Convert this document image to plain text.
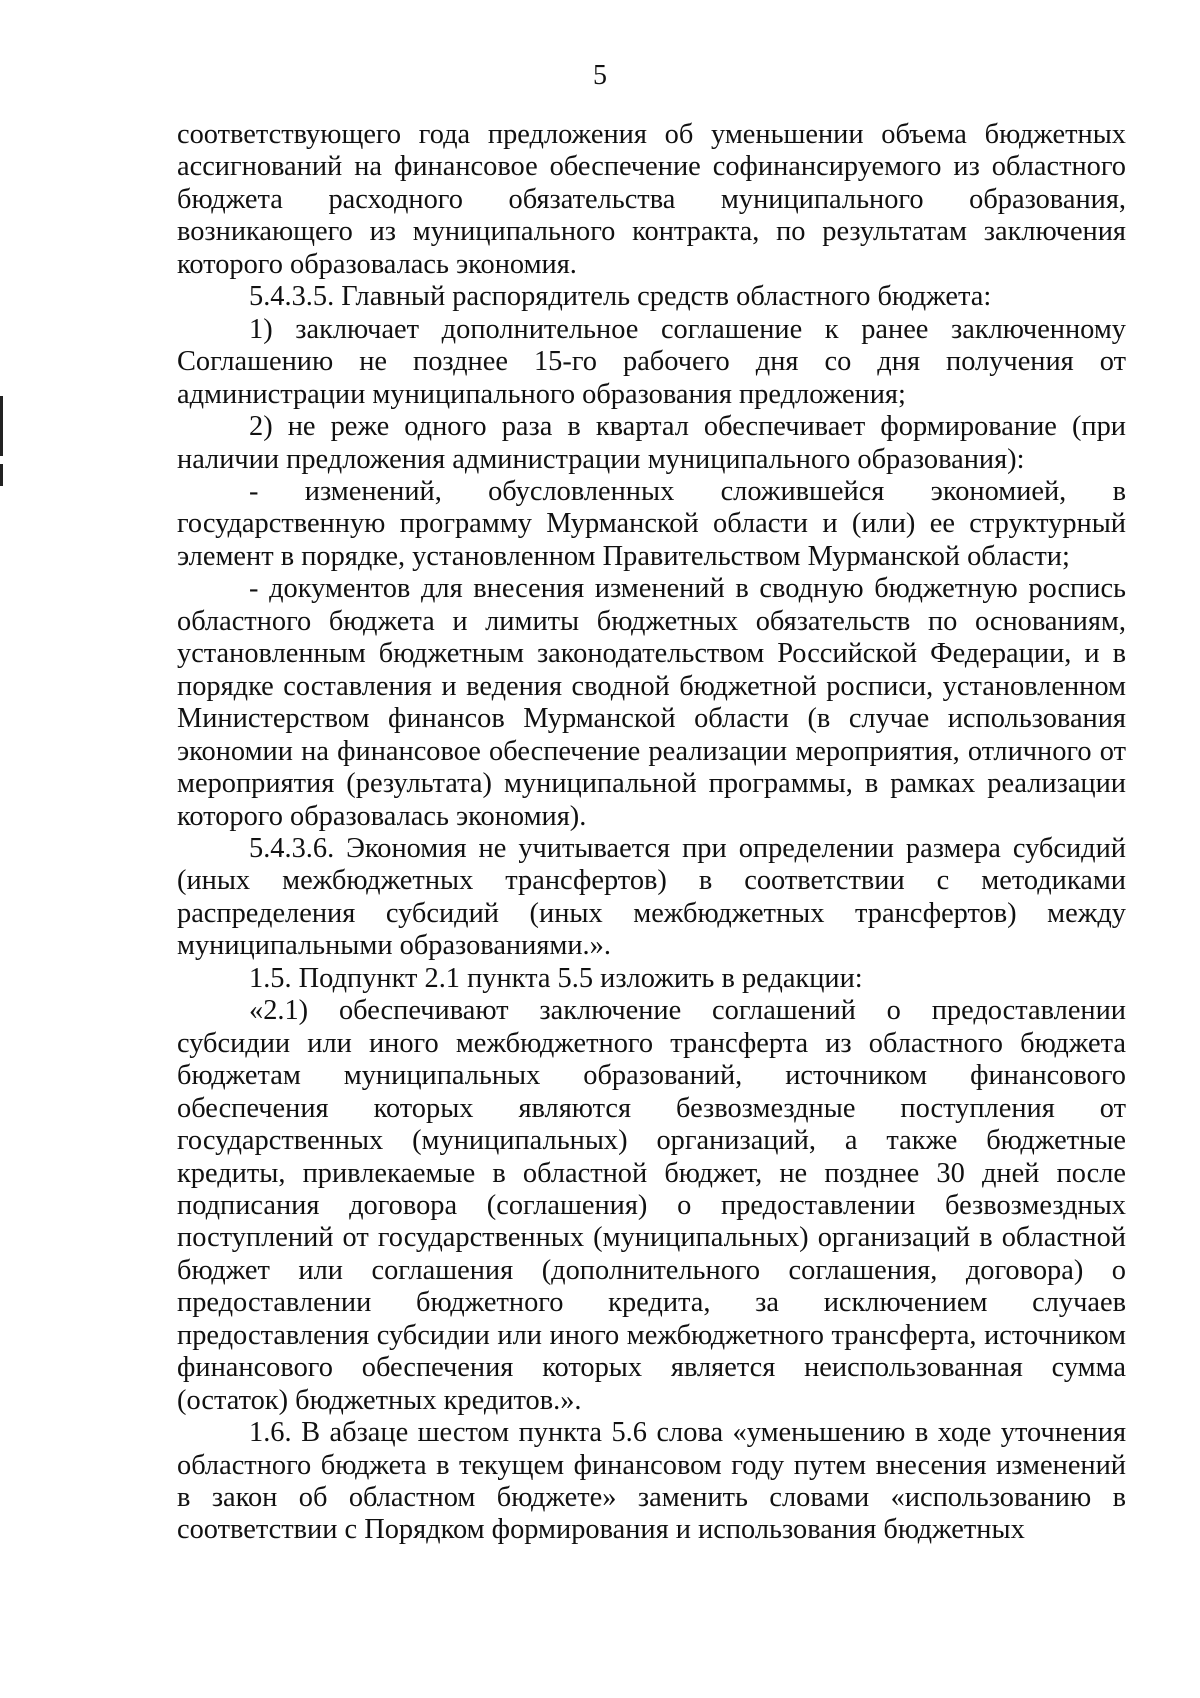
5

соответствующего года предложения об уменьшении объема бюджетных ассигнований на финансовое обеспечение софинансируемого из областного бюджета расходного обязательства муниципального образования, возникающего из муниципального контракта, по результатам заключения которого образовалась экономия.

5.4.3.5. Главный распорядитель средств областного бюджета:

1) заключает дополнительное соглашение к ранее заключенному Соглашению не позднее 15-го рабочего дня со дня получения от администрации муниципального образования предложения;

2) не реже одного раза в квартал обеспечивает формирование (при наличии предложения администрации муниципального образования):

- изменений, обусловленных сложившейся экономией, в государственную программу Мурманской области и (или) ее структурный элемент в порядке, установленном Правительством Мурманской области;

- документов для внесения изменений в сводную бюджетную роспись областного бюджета и лимиты бюджетных обязательств по основаниям, установленным бюджетным законодательством Российской Федерации, и в порядке составления и ведения сводной бюджетной росписи, установленном Министерством финансов Мурманской области (в случае использования экономии на финансовое обеспечение реализации мероприятия, отличного от мероприятия (результата) муниципальной программы, в рамках реализации которого образовалась экономия).

5.4.3.6. Экономия не учитывается при определении размера субсидий (иных межбюджетных трансфертов) в соответствии с методиками распределения субсидий (иных межбюджетных трансфертов) между муниципальными образованиями.».

1.5. Подпункт 2.1 пункта 5.5 изложить в редакции:

«2.1) обеспечивают заключение соглашений о предоставлении субсидии или иного межбюджетного трансферта из областного бюджета бюджетам муниципальных образований, источником финансового обеспечения которых являются безвозмездные поступления от государственных (муниципальных) организаций, а также бюджетные кредиты, привлекаемые в областной бюджет, не позднее 30 дней после подписания договора (соглашения) о предоставлении безвозмездных поступлений от государственных (муниципальных) организаций в областной бюджет или соглашения (дополнительного соглашения, договора) о предоставлении бюджетного кредита, за исключением случаев предоставления субсидии или иного межбюджетного трансферта, источником финансового обеспечения которых является неиспользованная сумма (остаток) бюджетных кредитов.».

1.6. В абзаце шестом пункта 5.6 слова «уменьшению в ходе уточнения областного бюджета в текущем финансовом году путем внесения изменений в закон об областном бюджете» заменить словами «использованию в соответствии с Порядком формирования и использования бюджетных
